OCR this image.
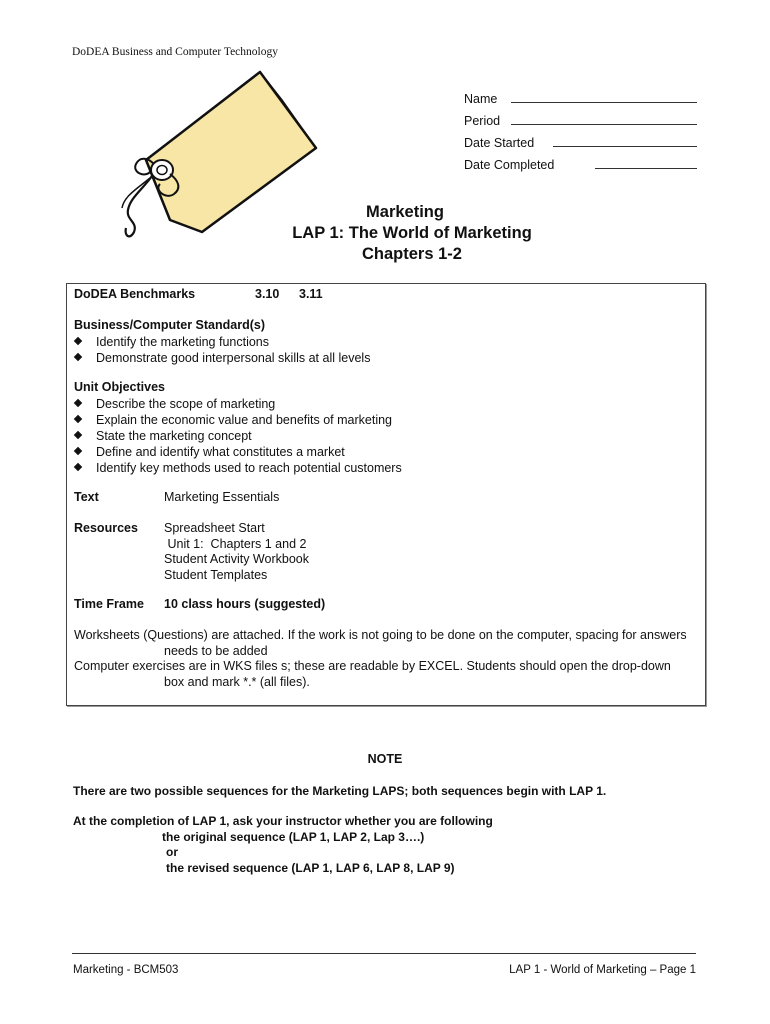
DoDEA Business and Computer Technology
Name
Period
Date Started
Date Completed
Marketing
LAP 1: The World of Marketing
Chapters 1-2
DoDEA Benchmarks	3.10 3.11
Business/Computer Standard(s)
Identify the marketing functions
Demonstrate good interpersonal skills at all levels
Unit Objectives
Describe the scope of marketing
Explain the economic value and benefits of marketing
State the marketing concept
Define and identify what constitutes a market
Identify key methods used to reach potential customers
Text	Marketing Essentials
Resources Spreadsheet Start
Unit 1:  Chapters 1 and 2
Student Activity Workbook
Student Templates
Time Frame 10 class hours (suggested)
Worksheets (Questions) are attached. If the work is not going to be done on the computer, spacing for answers
needs to be added
Computer exercises are in WKS files s; these are readable by EXCEL. Students should open the drop-down
box and mark *.* (all files).
NOTE
There are two possible sequences for the Marketing LAPS; both sequences begin with LAP 1.
At the completion of LAP 1, ask your instructor whether you are following
the original sequence (LAP 1, LAP 2, Lap 3….)
or
the revised sequence (LAP 1, LAP 6, LAP 8, LAP 9)
Marketing - BCM503	LAP 1 - World of Marketing – Page 1
